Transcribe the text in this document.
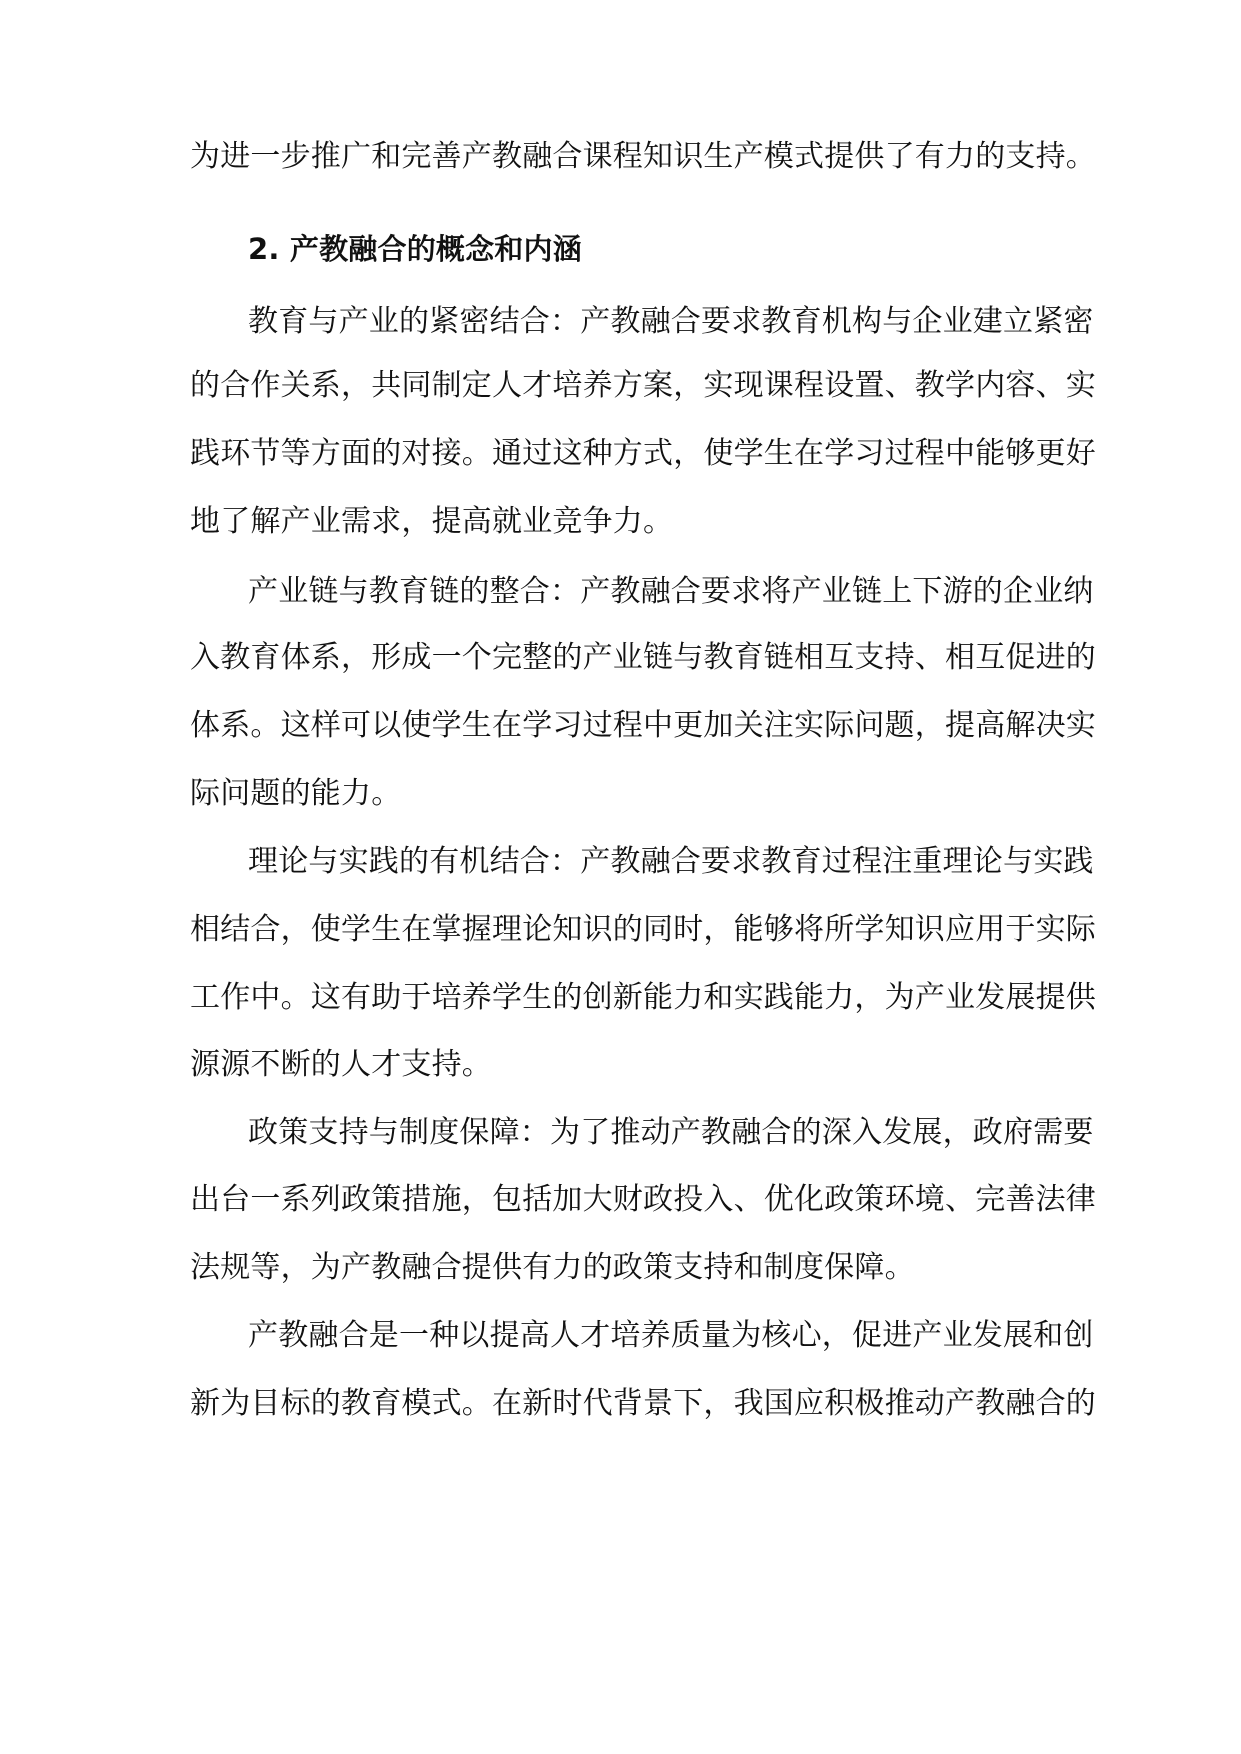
为进一步推广和完善产教融合课程知识生产模式提供了有力的支持。
2. 产教融合的概念和内涵
教育与产业的紧密结合：产教融合要求教育机构与企业建立紧密
的合作关系，共同制定人才培养方案，实现课程设置、教学内容、实
践环节等方面的对接。通过这种方式，使学生在学习过程中能够更好
地了解产业需求，提高就业竞争力。
产业链与教育链的整合：产教融合要求将产业链上下游的企业纳
入教育体系，形成一个完整的产业链与教育链相互支持、相互促进的
体系。这样可以使学生在学习过程中更加关注实际问题，提高解决实
际问题的能力。
理论与实践的有机结合：产教融合要求教育过程注重理论与实践
相结合，使学生在掌握理论知识的同时，能够将所学知识应用于实际
工作中。这有助于培养学生的创新能力和实践能力，为产业发展提供
源源不断的人才支持。
政策支持与制度保障：为了推动产教融合的深入发展，政府需要
出台一系列政策措施，包括加大财政投入、优化政策环境、完善法律
法规等，为产教融合提供有力的政策支持和制度保障。
产教融合是一种以提高人才培养质量为核心，促进产业发展和创
新为目标的教育模式。在新时代背景下，我国应积极推动产教融合的
